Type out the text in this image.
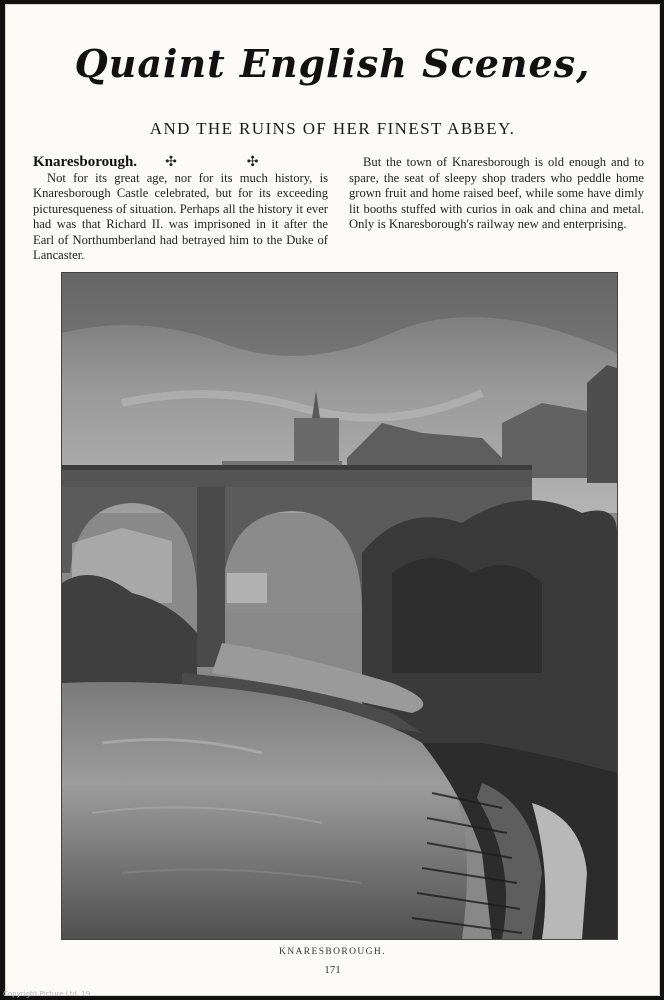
Quaint English Scenes,
AND THE RUINS OF HER FINEST ABBEY.
Knaresborough. ✣	✣

Not for its great age, nor for its much history, is Knaresborough Castle celebrated, but for its exceeding picturesqueness of situation. Perhaps all the history it ever had was that Richard II. was imprisoned in it after the Earl of Northumberland had betrayed him to the Duke of Lancaster.

But the town of Knaresborough is old enough and to spare, the seat of sleepy shop traders who peddle home grown fruit and home raised beef, while some have dimly lit booths stuffed with curios in oak and china and metal. Only is Knaresborough's railway new and enterprising.

KNARESBOROUGH.
171
Copyright Picture Ltd. 19
